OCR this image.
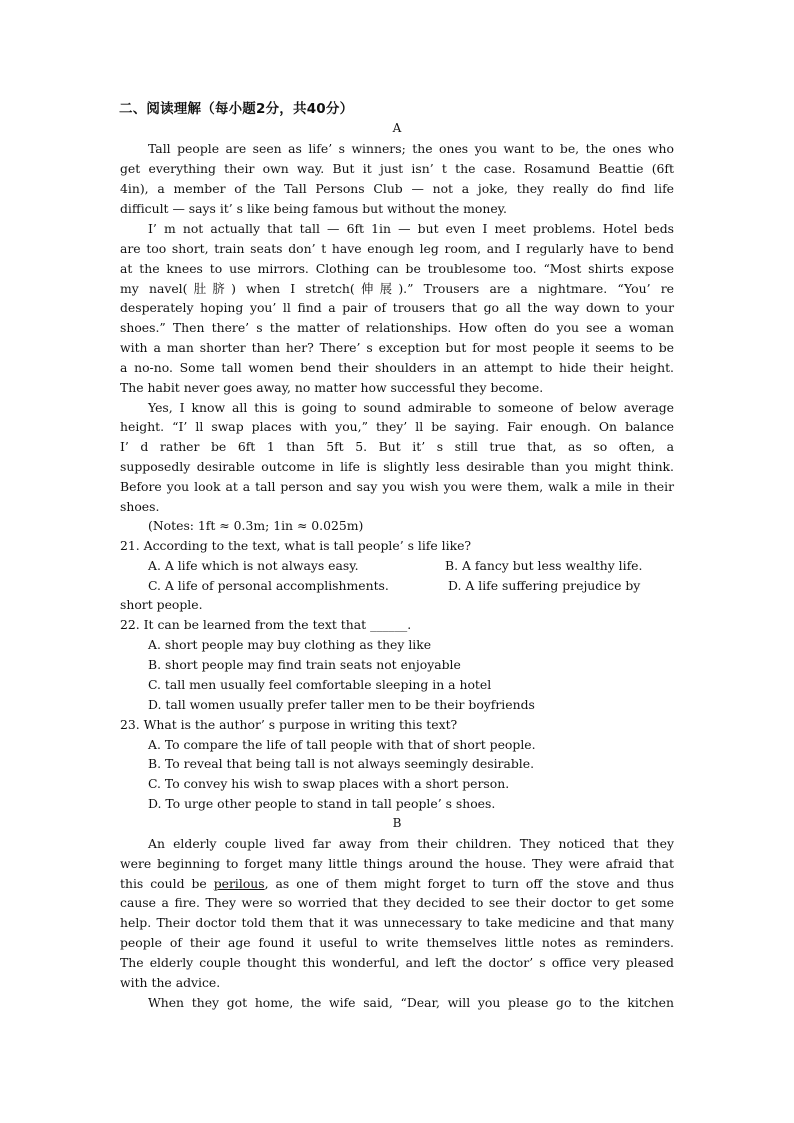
二、阅读理解（每小题2分，共40分）
A
Tall people are seen as life’ s winners; the ones you want to be, the ones who
get everything their own way. But it just isn’ t the case. Rosamund Beattie (6ft
4in), a member of the Tall Persons Club — not a joke, they really do find life
difficult — says it’ s like being famous but without the money.
I’ m not actually that tall — 6ft 1in — but even I meet problems. Hotel beds
are too short, train seats don’ t have enough leg room, and I regularly have to bend
at the knees to use mirrors. Clothing can be troublesome too. “Most shirts expose
my navel(肚脐) when I stretch(伸展).” Trousers are a nightmare. “You’ re
desperately hoping you’ ll find a pair of trousers that go all the way down to your
shoes.” Then there’ s the matter of relationships. How often do you see a woman
with a man shorter than her? There’ s exception but for most people it seems to be
a no-no. Some tall women bend their shoulders in an attempt to hide their height.
The habit never goes away, no matter how successful they become.
Yes, I know all this is going to sound admirable to someone of below average
height. “I’ ll swap places with you,” they’ ll be saying. Fair enough. On balance
I’ d rather be 6ft 1 than 5ft 5. But it’ s still true that, as so often, a
supposedly desirable outcome in life is slightly less desirable than you might think.
Before you look at a tall person and say you wish you were them, walk a mile in their
shoes.
(Notes: 1ft ≈ 0.3m; 1in ≈ 0.025m)
21. According to the text, what is tall people’ s life like?
A. A life which is not always easy.	B. A fancy but less wealthy life.
C. A life of personal accomplishments.	D. A life suffering prejudice by
short people.
22. It can be learned from the text that ______.
A. short people may buy clothing as they like
B. short people may find train seats not enjoyable
C. tall men usually feel comfortable sleeping in a hotel
D. tall women usually prefer taller men to be their boyfriends
23. What is the author’ s purpose in writing this text?
A. To compare the life of tall people with that of short people.
B. To reveal that being tall is not always seemingly desirable.
C. To convey his wish to swap places with a short person.
D. To urge other people to stand in tall people’ s shoes.
B
An elderly couple lived far away from their children. They noticed that they
were beginning to forget many little things around the house. They were afraid that
this could be perilous, as one of them might forget to turn off the stove and thus
cause a fire. They were so worried that they decided to see their doctor to get some
help. Their doctor told them that it was unnecessary to take medicine and that many
people of their age found it useful to write themselves little notes as reminders.
The elderly couple thought this wonderful, and left the doctor’ s office very pleased
with the advice.
When they got home, the wife said, “Dear, will you please go to the kitchen
